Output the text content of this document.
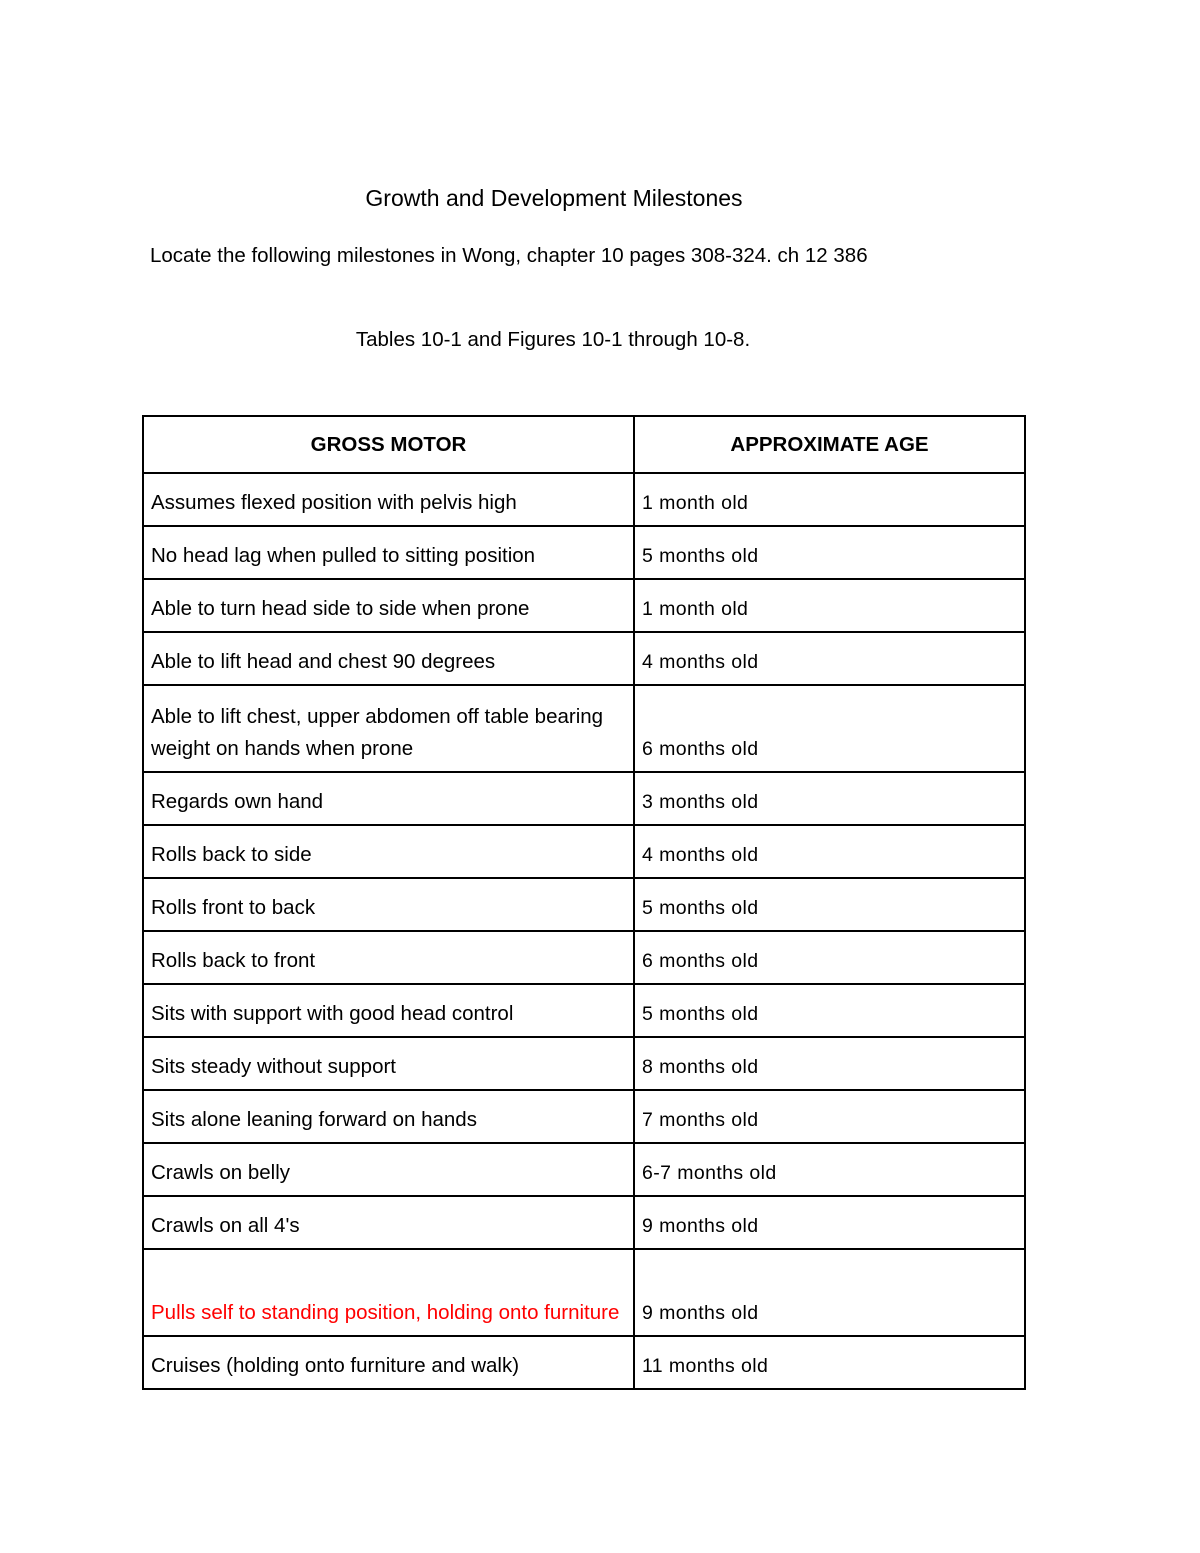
Growth and Development Milestones
Locate the following milestones in Wong, chapter 10 pages 308-324. ch 12 386
Tables 10-1 and Figures 10-1 through 10-8.
GROSS MOTOR	APPROXIMATE AGE
Assumes flexed position with pelvis high	1 month old
No head lag when pulled to sitting position	5 months old
Able to turn head side to side when prone	1 month old
Able to lift head and chest 90 degrees	4 months old
Able to lift chest, upper abdomen off table bearing weight on hands when prone	6 months old
Regards own hand	3 months old
Rolls back to side	4 months old
Rolls front to back	5 months old
Rolls back to front	6 months old
Sits with support with good head control	5 months old
Sits steady without support	8 months old
Sits alone leaning forward on hands	7 months old
Crawls on belly	6-7 months old
Crawls on all 4's	9 months old
Pulls self to standing position, holding onto furniture	9 months old
Cruises (holding onto furniture and walk)	11 months old
